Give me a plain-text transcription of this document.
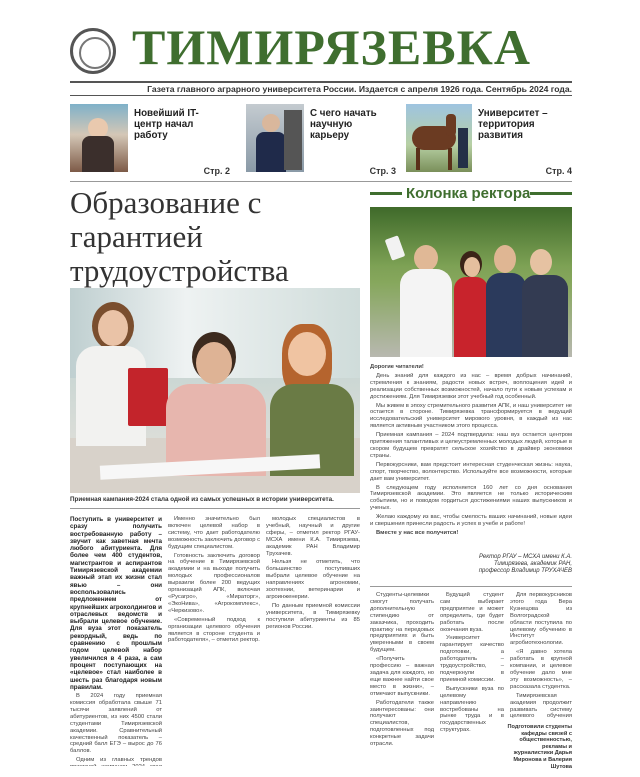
ТИМИРЯЗЕВКА
Газета главного аграрного университета России. Издается с апреля 1926 года. Сентябрь 2024 года.
Новейший IT-центр начал работу
Стр. 2
С чего начать научную карьеру
Стр. 3
Университет – территория развития
Стр. 4
Образование с гарантией трудоустройства
Приемная кампания-2024 стала одной из самых успешных в истории университета.
Колонка ректора

Дорогие читатели!

День знаний для каждого из нас – время добрых начинаний, стремления к знаниям, радости новых встреч, воплощения идей и реализации собственных возможностей, начало пути к новым успехам и достижениям. Для Тимирязевки этот учебный год особенный.

Мы живем в эпоху стремительного развития АПК, и наш университет не остается в стороне. Тимирязевка трансформируется в ведущий исследовательский университет мирового уровня, в каждый из нас является активным участником этого процесса.

Приемная кампания – 2024 подтвердила: наш вуз остается центром притяжения талантливых и целеустремленных молодых людей, которые в скором будущем превратят сельское хозяйство в драйвер экономики страны.

Первокурсники, вам предстоит интересная студенческая жизнь: наука, спорт, творчество, волонтерство. Используйте все возможности, которые дает вам университет.

В следующем году исполняется 160 лет со дня основания Тимирязевской академии. Это является не только историческим событием, но и поводом гордиться достижениями наших выпускников и ученых.

Желаю каждому из вас, чтобы смелость ваших начинаний, новые идеи и свершения принесли радость и успех в учебе и работе!

Вместе у нас все получится!

Ректор РГАУ – МСХА имени К.А. Тимирязева, академик РАН, профессор Владимир ТРУХАЧЕВ

Поступить в университет и сразу получить востребованную работу – звучит как заветная мечта любого абитуриента. Для более чем 400 студентов, магистрантов и аспирантов Тимирязевской академии важный этап их жизни стал явью – они воспользовались предложением от крупнейших агрохолдингов и отраслевых ведомств и выбрали целевое обучение. Для вуза этот показатель рекордный, ведь по сравнению с прошлым годом целевой набор увеличился в 4 раза, а сам процент поступающих на «целевое» стал наиболее в шесть раз благодаря новым правилам.

В 2024 году приемная комиссия обработала свыше 71 тысячи заявлений от абитуриентов, из них 4500 стали студентами Тимирязевской академии. Сравнительный качественный показатель – средний балл ЕГЭ – вырос до 76 баллов.

Одним из главных трендов

Именно значительно был включен целевой набор в систему, что дает работодателю возможность заключить договор с будущим специалистом.

Готовность заключить договор на обучение в Тимирязевской академии и на выходе получить молодых профессионалов выразили более 200 ведущих организаций АПК, включая «Русагро», «Мираторг», «ЭкоНива», «Агрокомплекс», «Черкизово».

«Современный подход к организации целевого обучения является в стороне студента и работодателя», – отметил ректор.

молодых специалистов в учебный, научный и другие сферы, – отметил ректор РГАУ-МСХА имени К.А. Тимирязева, академик РАН Владимир Трухачев.

Нельзя не отметить, что большинство поступивших выбрали целевое обучение на направлениях агрономии, зоотехнии, ветеринарии и агроинженерии.

По данным приемной комиссии университета, в Тимирязевку поступили абитуриенты из 85 регионов России.

Студенты-целевики смогут получать дополнительную стипендию от заказчика, проходить практику на передовых предприятиях и быть уверенными в своем будущем.

«Получить профессию – важная задача для каждого, но еще важнее найти свое место в жизни», – отмечают выпускники.

Работодатели также заинтересованы: они получают специалистов, подготовленных под конкретные задачи отрасли.

Будущий студент сам выбирает предприятие и может определить, где будет работать после окончания вуза.

Университет гарантирует качество подготовки, а работодатель – трудоустройство, – подчеркнули в приемной комиссии.

Выпускники вуза по целевому направлению востребованы на рынке труда и в государственных структурах.

Для первокурсников этого года Вера Кузнецова из Волгоградской области поступила по целевому обучению в Институт агробиотехнологии.

«Я давно хотела работать в крупной компании, и целевое обучение дало мне эту возможность», – рассказала студентка.

Тимирязевская академия продолжит развивать систему целевого обучения

Подготовили студенты кафедры связей с общественностью, рекламы и журналистики Дарья Миронова и Валерия Шутова
